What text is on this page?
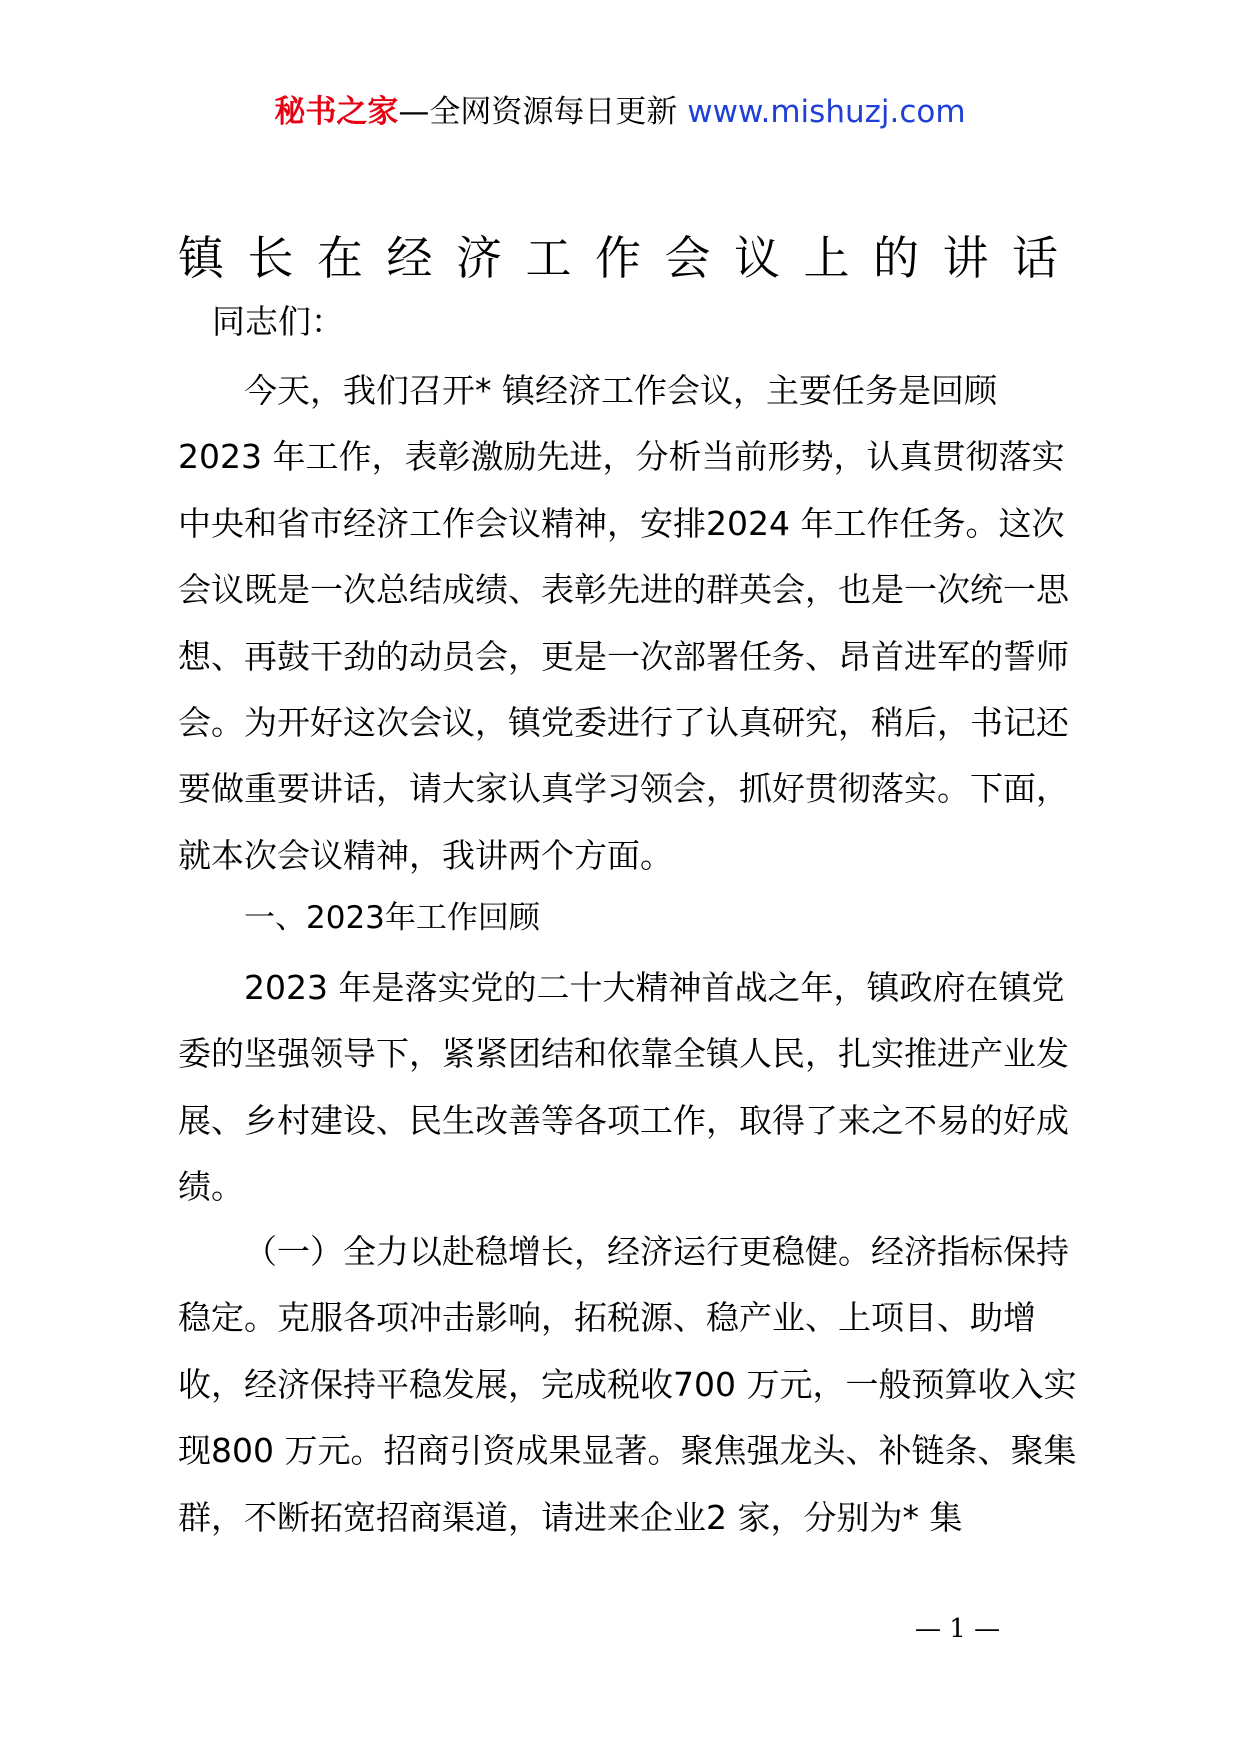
秘书之家—全网资源每日更新 www.mishuzj.com
镇 长 在 经 济 工 作 会 议 上 的 讲 话
同志们：

今天，我们召开* 镇经济工作会议，主要任务是回顾2023 年工作，表彰激励先进，分析当前形势，认真贯彻落实中央和省市经济工作会议精神，安排2024 年工作任务。这次会议既是一次总结成绩、表彰先进的群英会，也是一次统一思想、再鼓干劲的动员会，更是一次部署任务、昂首进军的誓师会。为开好这次会议，镇党委进行了认真研究，稍后，书记还要做重要讲话，请大家认真学习领会，抓好贯彻落实。下面，就本次会议精神，我讲两个方面。

一、2023年工作回顾

2023 年是落实党的二十大精神首战之年，镇政府在镇党委的坚强领导下，紧紧团结和依靠全镇人民，扎实推进产业发展、乡村建设、民生改善等各项工作，取得了来之不易的好成绩。

（一）全力以赴稳增长，经济运行更稳健。经济指标保持稳定。克服各项冲击影响，拓税源、稳产业、上项目、助增收，经济保持平稳发展，完成税收700 万元，一般预算收入实现800 万元。招商引资成果显著。聚焦强龙头、补链条、聚集群，不断拓宽招商渠道，请进来企业2 家，分别为* 集

— 1 —
